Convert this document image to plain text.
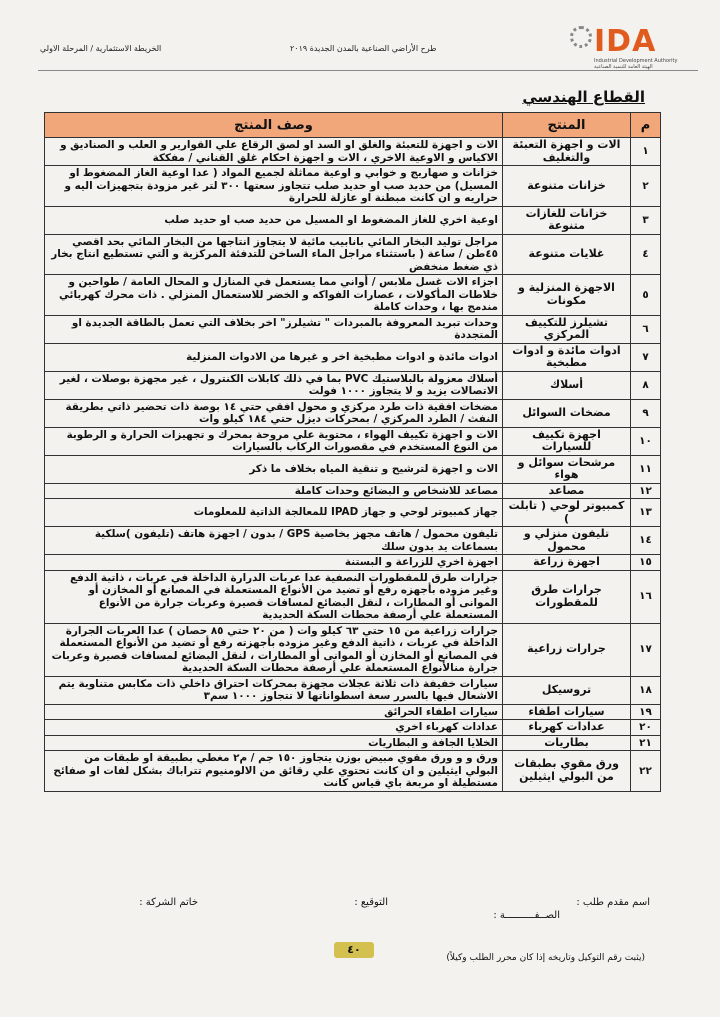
الخريطة الاستثمارية / المرحلة الاولي	طرح الأراضي الصناعية بالمدن الجديدة ٢٠١٩	IDA
Industrial Development Authority
الهيئة العامة للتنمية الصناعية
القطاع الهندسي
م	المنتج	وصف المنتج
١	الات و اجهزة التعبئة والتغليف	الات و اجهزة للتعبئة والغلق او السد او لصق الرقاع علي القوارير و العلب و الصناديق و الاكياس و الاوعية الاخري ، الات و اجهزة احكام غلق القناني / مفككة
٢	خزانات متنوعة	خزانات و صهاريج و خوابي و اوعية مماثلة لجميع المواد ( عدا اوعية الغاز المضغوط او المسيل) من حديد صب او حديد صلب تتجاوز سعتها ٣٠٠ لتر غير مزودة بتجهيزات اليه و حراريه و ان كانت مبطنة او عازلة للحرارة
٣	خزانات للغازات متنوعة	اوعية اخري للغاز المضغوط او المسيل من حديد صب او حديد صلب
٤	غلايات متنوعة	مراجل توليد البخار المائي بانابيب مائية لا يتجاوز انتاجها من البخار المائي بحد اقصي ٤٥طن / ساعة ( باستثناء مراجل الماء الساخن للتدفئة المركزية و التي تستطيع انتاج بخار ذي ضغط منخفض
٥	الاجهزة المنزلية و مكونات	اجزاء الات غسل ملابس / أواني مما يستعمل في المنازل و المحال العامة / طواحين و خلاطات المأكولات ، عصارات الفواكه و الخضر للاستعمال المنزلي . ذات محرك كهربائي مندمج بها ، وحدات كاملة
٦	تشيلرز للتكييف المركزي	وحدات تبريد المعروفة بالمبردات " تشيلرز" اخر بخلاف التي تعمل بالطاقة الجديدة او المتجددة
٧	ادوات مائدة و ادوات مطبخية	ادوات مائدة و ادوات مطبخية اخر و غيرها من الادوات المنزلية
٨	أسلاك	أسلاك معزولة بالبلاستيك PVC بما في ذلك كابلات الكنترول ، غير مجهزة بوصلات ، لغير الاتصالات يزيد و لا يتجاوز ١٠٠٠ فولت
٩	مضخات السوائل	مضخات افقية ذات طرد مركزي و محول افقي حتي ١٤ بوصة ذات تحضير ذاتي بطريقة النفث / الطرد المركزي / بمحركات ديزل حتي ١٨٤ كيلو وات
١٠	اجهزة تكييف للسيارات	الات و اجهزة تكييف الهواء ، محتوية علي مروحة بمحرك و تجهيزات الحرارة و الرطوبة من النوع المستخدم في مقصورات الركاب بالسيارات
١١	مرشحات سوائل و هواء	الات و اجهزة لترشيح و تنقية المياه بخلاف ما ذكر
١٢	مصاعد	مصاعد للاشخاص و البضائع وحدات كاملة
١٣	كمبيوتر لوحي ( تابلت )	جهاز كمبيوتر لوحي و جهاز IPAD للمعالجة الذاتية للمعلومات
١٤	تليفون منزلي و محمول	تليفون محمول / هاتف مجهز بخاصية GPS / بدون / اجهزة هاتف (تليفون )سلكية بسماعات يد بدون سلك
١٥	اجهزة زراعة	اجهزة اخري للزراعة و البستنة
١٦	جرارات طرق للمقطورات	جرارات طرق للمقطورات النصفية عدا عربات الدرارة الداخلة في عربات ، ذاتية الدفع وغير مزوده بأجهزه رفع أو تضيد من الأنواع المستعملة في المصانع أو المخازن أو الموانى أو المطارات ، لنقل البضائع لمسافات قصيرة وعربات جرارة من الأنواع المستعملة علي أرصفة محطات السكة الحديدية
١٧	جرارات زراعية	جرارات زراعية من ١٥ حتي ٦٣ كيلو وات ( من ٢٠ حتي ٨٥ حصان ) عدا العربات الجرارة الداخلة في عربات ، ذاتية الدفع وغير مزوده بأجهزته رفع أو تضيد من الأنواع المستعملة في المصانع أو المخازن أو الموانى أو المطارات ، لنقل البضائع لمسافات قصيرة وعربات جرارة منالأنواع المستعملة علي أرصفة محطات السكة الحديدية
١٨	تروسيكل	سيارات خفيفة ذات ثلاثة عجلات مجهزة بمحركات احتراق داخلي ذات مكابس متناوبة يتم الاشعال فيها بالسرر سعة اسطواناتها لا تتجاوز ١٠٠٠ سم٣
١٩	سيارات اطفاء	سيارات اطفاء الحرائق
٢٠	عدادات كهرباء	عدادات كهرباء اخري
٢١	بطاريات	الخلايا الجافة و البطاريات
٢٢	ورق مقوي بطبقات من البولي ايثيلين	ورق و و ورق مقوي مبيض بوزن يتجاوز ١٥٠ جم / م٢ مغطي بطبيقة او طبقات من البولي ايثيلين و ان كانت تحتوي علي رقائق من الالومنيوم تتراباك بشكل لفات او صفائح مستطيلة او مربعة باي قياس كانت
اسم مقدم طلب :
الصــفــــــــــة :
التوقيع :
خاتم الشركة :
٤٠
(يثبت رقم التوكيل وتاريخه إذا كان محرر الطلب وكيلاً)
